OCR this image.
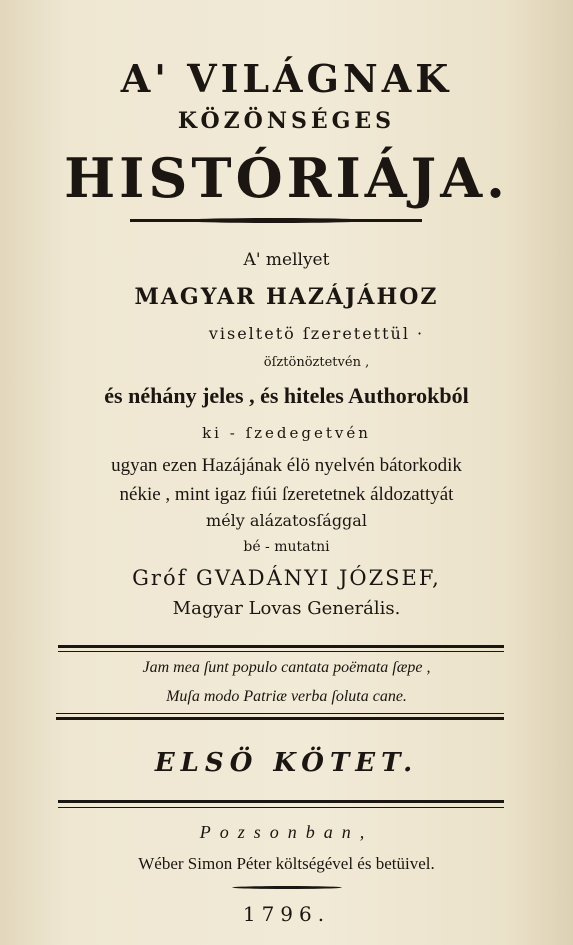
A' VILÁGNAK
KÖZÖNSÉGES
HISTÓRIÁJA.
A' mellyet
MAGYAR HAZÁJÁHOZ
viseltetö ſzeretettül ·
öſztönöztetvén ,
és néhány jeles , és hiteles Authorokból
ki - ſzedegetvén
ugyan ezen Hazájának élö nyelvén bátorkodik
nékie , mint igaz fiúi ſzeretetnek áldozattyát
mély alázatosſággal
bé - mutatni
Gróf GVADÁNYI JÓZSEF,
Magyar Lovas Generális.
Jam mea ſunt populo cantata poëmata ſæpe ,
Muſa modo Patriæ verba ſoluta cane.
ELSÖ KÖTET.
Pozsonban,
Wéber Simon Péter költségével és betüivel.
1796.
